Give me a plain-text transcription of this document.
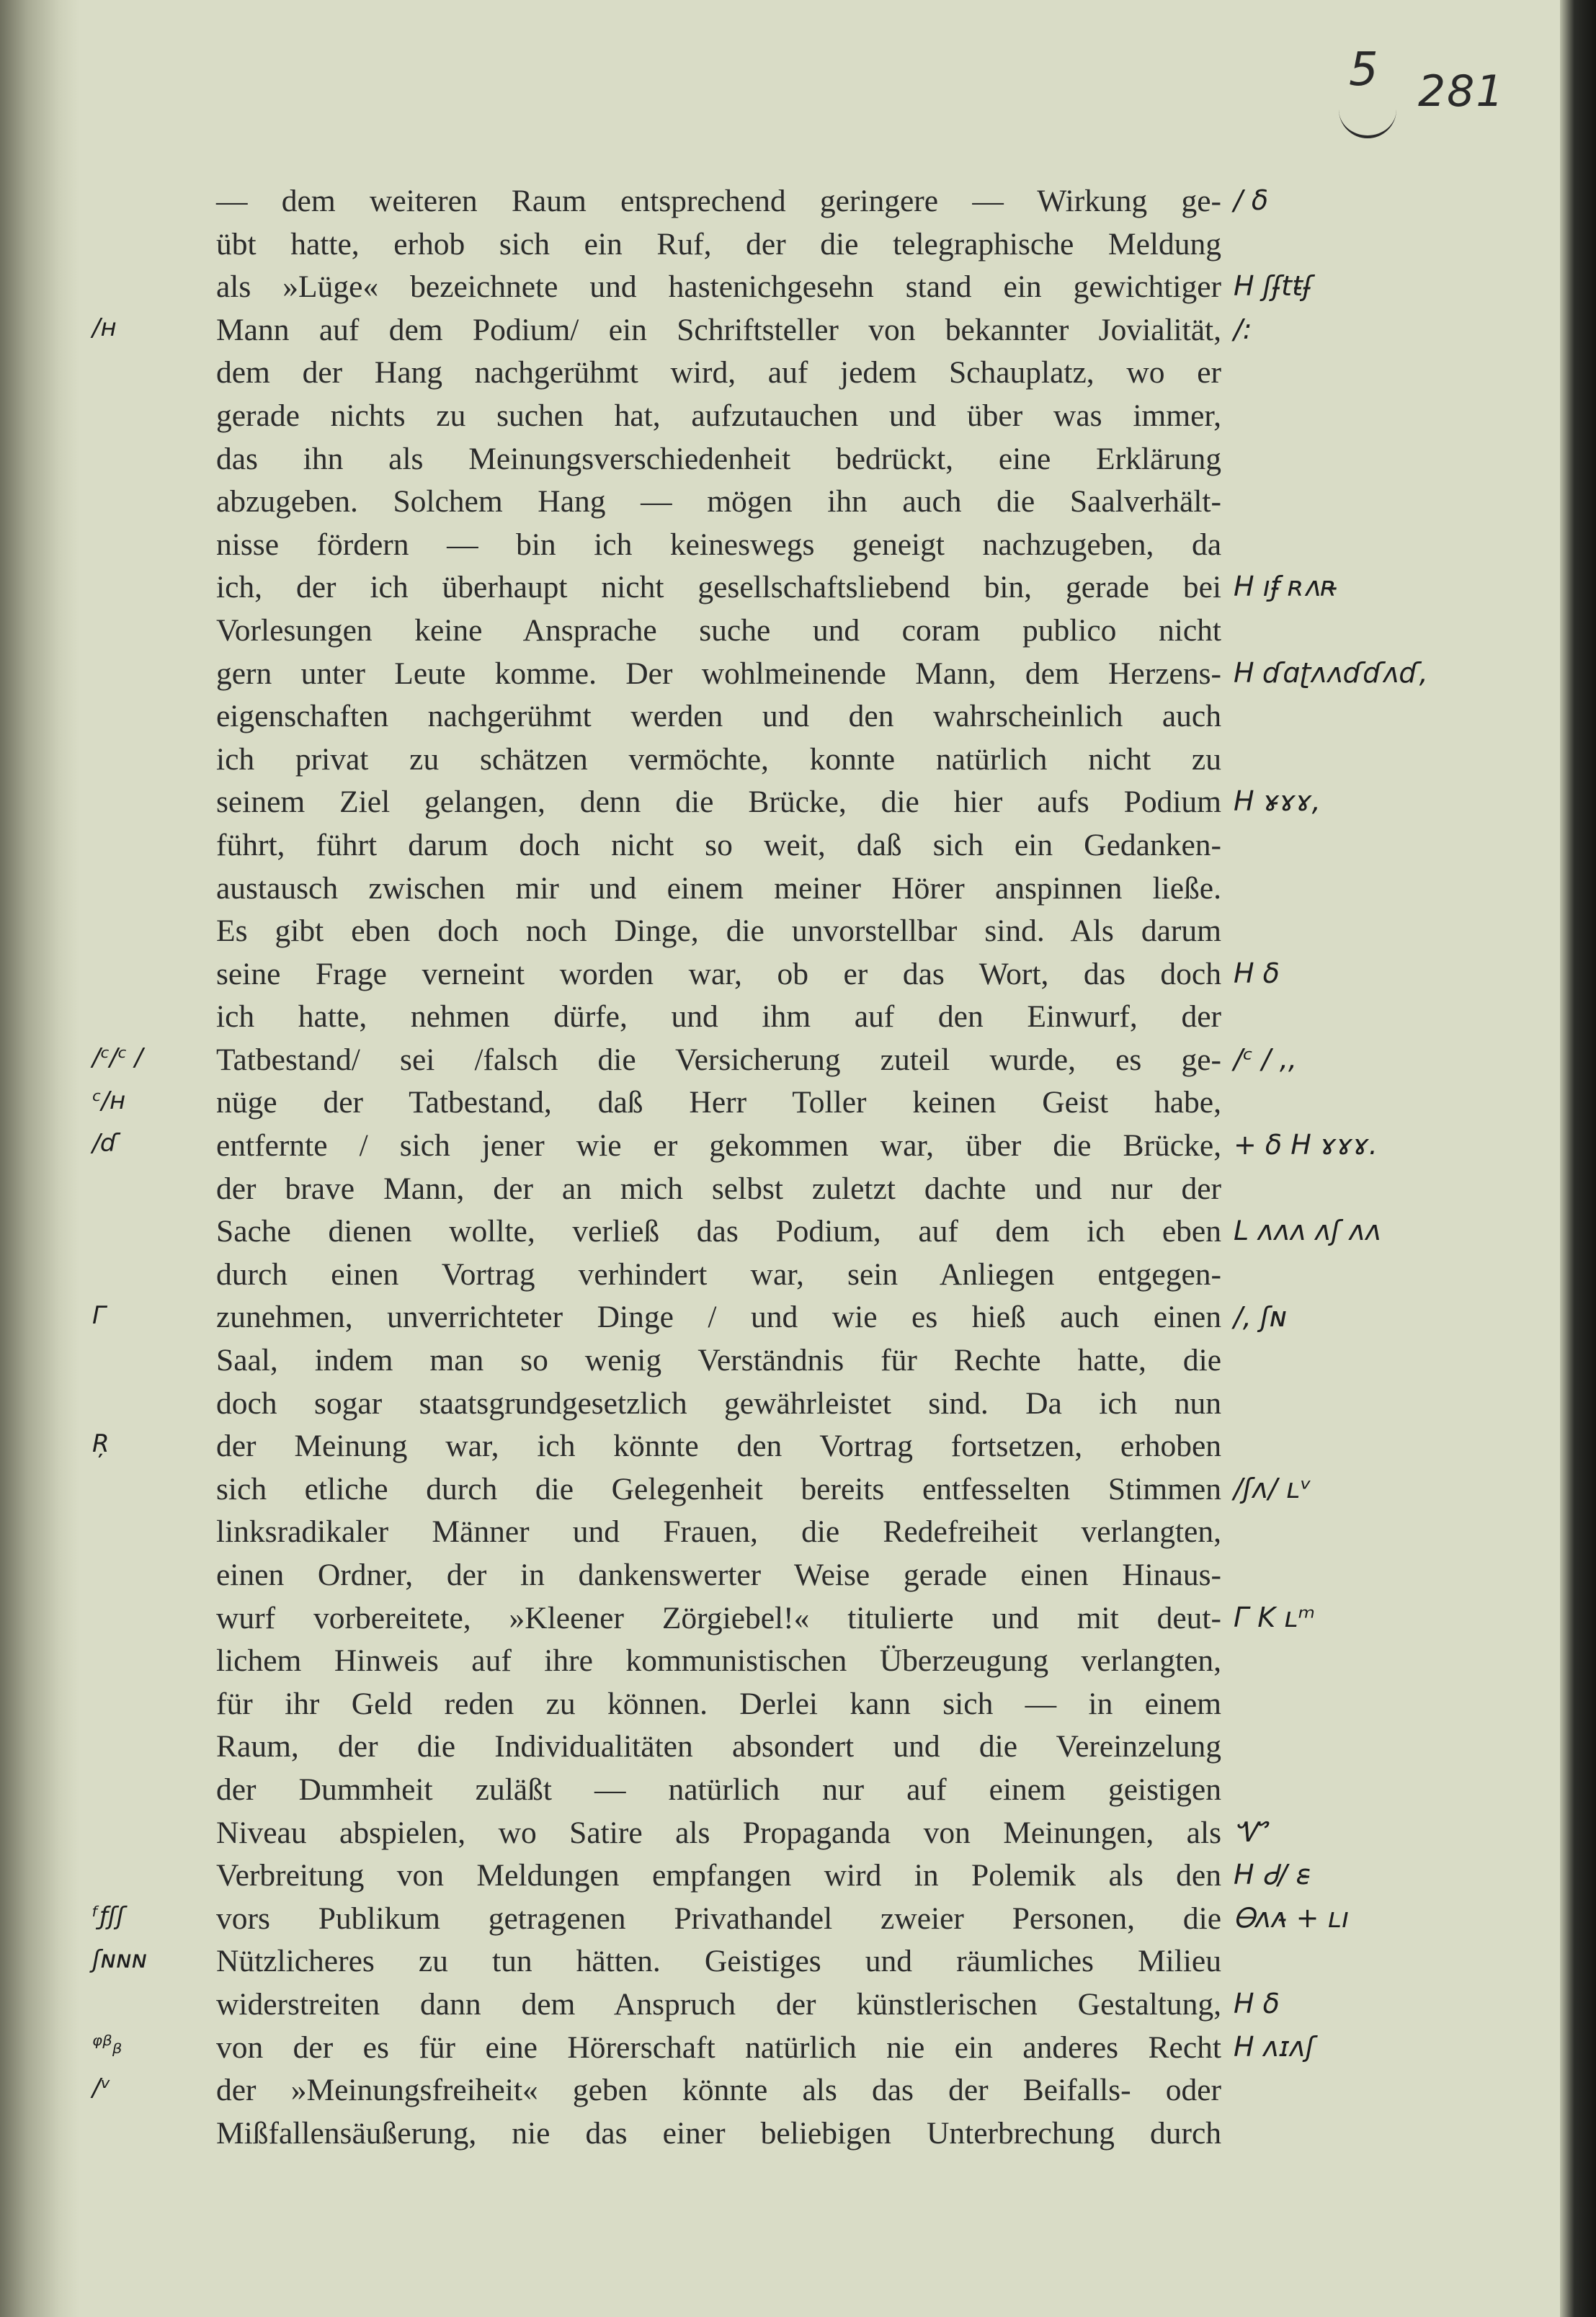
5 281
— dem weiteren Raum entsprechend geringere — Wirkung ge-
übt hatte, erhob sich ein Ruf, der die telegraphische Meldung
als »Lüge« bezeichnete und hastenichgesehn stand ein gewichtiger
Mann auf dem Podium/ ein Schriftsteller von bekannter Jovialität,
dem der Hang nachgerühmt wird, auf jedem Schauplatz, wo er
gerade nichts zu suchen hat, aufzutauchen und über was immer,
das ihn als Meinungsverschiedenheit bedrückt, eine Erklärung
abzugeben. Solchem Hang — mögen ihn auch die Saalverhält-
nisse fördern — bin ich keineswegs geneigt nachzugeben, da
ich, der ich überhaupt nicht gesellschaftsliebend bin, gerade bei
Vorlesungen keine Ansprache suche und coram publico nicht
gern unter Leute komme. Der wohlmeinende Mann, dem Herzens-
eigenschaften nachgerühmt werden und den wahrscheinlich auch
ich privat zu schätzen vermöchte, konnte natürlich nicht zu
seinem Ziel gelangen, denn die Brücke, die hier aufs Podium
führt, führt darum doch nicht so weit, daß sich ein Gedanken-
austausch zwischen mir und einem meiner Hörer anspinnen ließe.
Es gibt eben doch noch Dinge, die unvorstellbar sind. Als darum
seine Frage verneint worden war, ob er das Wort, das doch
ich hatte, nehmen dürfe, und ihm auf den Einwurf, der
Tatbestand/ sei /falsch die Versicherung zuteil wurde, es ge-
nüge der Tatbestand, daß Herr Toller keinen Geist habe,
entfernte / sich jener wie er gekommen war, über die Brücke,
der brave Mann, der an mich selbst zuletzt dachte und nur der
Sache dienen wollte, verließ das Podium, auf dem ich eben
durch einen Vortrag verhindert war, sein Anliegen entgegen-
zunehmen, unverrichteter Dinge / und wie es hieß auch einen
Saal, indem man so wenig Verständnis für Rechte hatte, die
doch sogar staatsgrundgesetzlich gewährleistet sind. Da ich nun
der Meinung war, ich könnte den Vortrag fortsetzen, erhoben
sich etliche durch die Gelegenheit bereits entfesselten Stimmen
linksradikaler Männer und Frauen, die Redefreiheit verlangten,
einen Ordner, der in dankenswerter Weise gerade einen Hinaus-
wurf vorbereitete, »Kleener Zörgiebel!« titulierte und mit deut-
lichem Hinweis auf ihre kommunistischen Überzeugung verlangten,
für ihr Geld reden zu können. Derlei kann sich — in einem
Raum, der die Individualitäten absondert und die Vereinzelung
der Dummheit zuläßt — natürlich nur auf einem geistigen
Niveau abspielen, wo Satire als Propaganda von Meinungen, als
Verbreitung von Meldungen empfangen wird in Polemik als den
vors Publikum getragenen Privathandel zweier Personen, die
Nützlicheres zu tun hätten. Geistiges und räumliches Milieu
widerstreiten dann dem Anspruch der künstlerischen Gestaltung,
von der es für eine Hörerschaft natürlich nie ein anderes Recht
der »Meinungsfreiheit« geben könnte als das der Beifalls- oder
Mißfallensäußerung, nie das einer beliebigen Unterbrechung durch
/ ẟ
H ʃʃ̵tt̵ʃ̵
/:
H ıƒ̵ ʀʌʀ̵
H ɗɑʈʌʌɗɗʌɗ,
H ɤ̵ɤɤ,
H ẟ
/ᶜ / ,,
+ ẟ H ɤɤɤ.
ᒪ ʌʌʌ ʌʃ ʌʌ
/, ʃɴ
/ʃʌ/ ʟᵛ
Γ K ʟᵐ
Ꮙ
H Ꮷ/ ɛ̵
Ꮎʌʌ̵ + ʟı
H ẟ
H ʌɪʌʃ
/ʜ
/ᶜ/ᶜ /
ᶜ/ʜ
/ɗ
Γ
Ŗ
ᶠƒʃʃ
ʃɴɴɴ
ᵠᵝᵦ
/ᵛ
